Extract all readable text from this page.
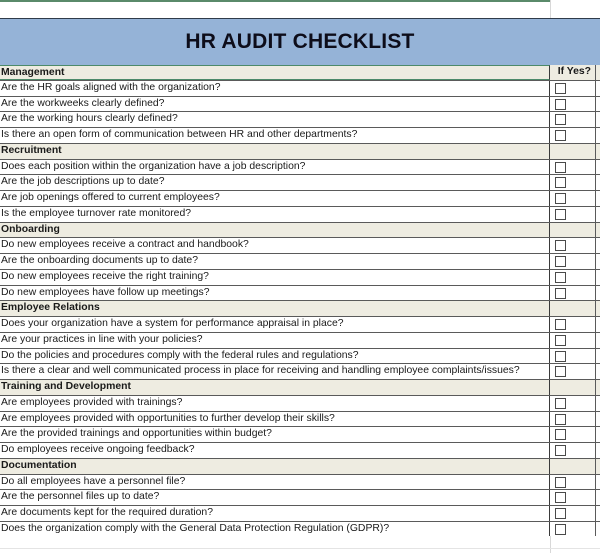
HR AUDIT CHECKLIST
Management	If Yes?
Are the HR goals aligned with the organization?
Are the workweeks clearly defined?
Are the working hours clearly defined?
Is there an open form of communication between HR and other departments?
Recruitment
Does each position within the organization have a job description?
Are the job descriptions up to date?
Are job openings offered to current employees?
Is the employee turnover rate monitored?
Onboarding
Do new employees receive a contract and handbook?
Are the onboarding documents up to date?
Do new employees receive the right training?
Do new employees have follow up meetings?
Employee Relations
Does your organization have a system for performance appraisal in place?
Are your practices in line with your policies?
Do the policies and procedures comply with the federal rules and regulations?
Is there a clear and well communicated process in place for receiving and handling employee complaints/issues?
Training and Development
Are employees provided with trainings?
Are employees provided with opportunities to further develop their skills?
Are the provided trainings and opportunities within budget?
Do employees receive ongoing feedback?
Documentation
Do all employees have a personnel file?
Are the personnel files up to date?
Are documents kept for the required duration?
Does the organization comply with the General Data Protection Regulation (GDPR)?
